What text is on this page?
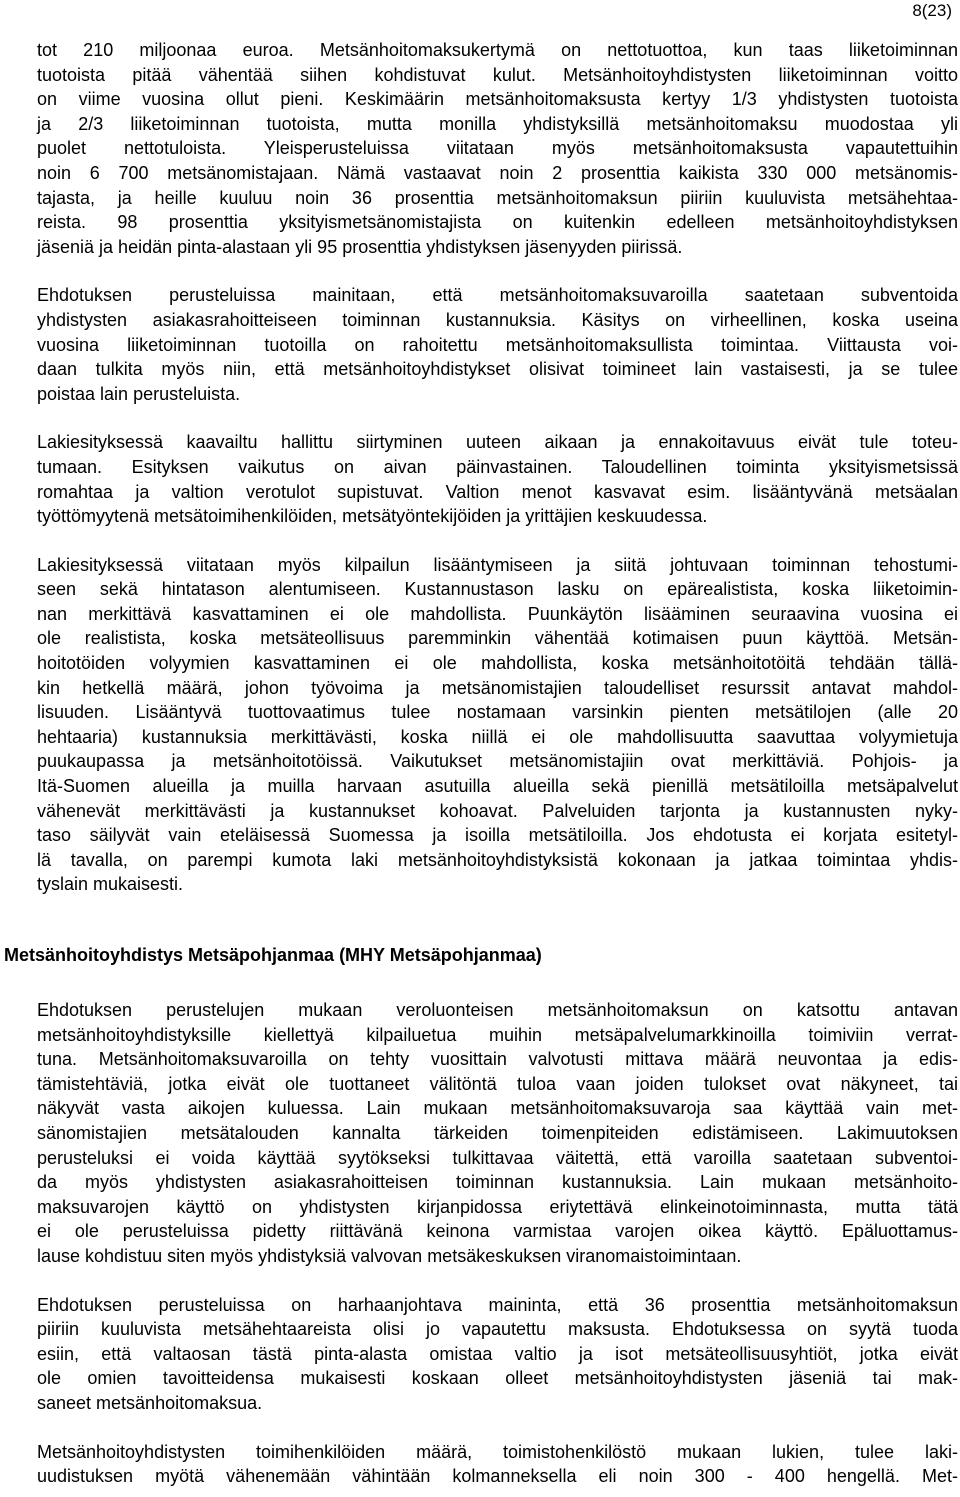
8(23)

tot 210 miljoonaa euroa. Metsänhoitomaksukertymä on nettotuottoa, kun taas liiketoiminnan
tuotoista pitää vähentää siihen kohdistuvat kulut. Metsänhoitoyhdistysten liiketoiminnan voitto
on viime vuosina ollut pieni. Keskimäärin metsänhoitomaksusta kertyy 1/3 yhdistysten tuotoista
ja 2/3 liiketoiminnan tuotoista, mutta monilla yhdistyksillä metsänhoitomaksu muodostaa yli
puolet nettotuloista. Yleisperusteluissa viitataan myös metsänhoitomaksusta vapautettuihin
noin 6 700 metsänomistajaan. Nämä vastaavat noin 2 prosenttia kaikista 330 000 metsänomis-
tajasta, ja heille kuuluu noin 36 prosenttia metsänhoitomaksun piiriin kuuluvista metsähehtaa-
reista. 98 prosenttia yksityismetsänomistajista on kuitenkin edelleen metsänhoitoyhdistyksen
jäseniä ja heidän pinta-alastaan yli 95 prosenttia yhdistyksen jäsenyyden piirissä.

Ehdotuksen perusteluissa mainitaan, että metsänhoitomaksuvaroilla saatetaan subventoida
yhdistysten asiakasrahoitteiseen toiminnan kustannuksia. Käsitys on virheellinen, koska useina
vuosina liiketoiminnan tuotoilla on rahoitettu metsänhoitomaksullista toimintaa. Viittausta voi-
daan tulkita myös niin, että metsänhoitoyhdistykset olisivat toimineet lain vastaisesti, ja se tulee
poistaa lain perusteluista.

Lakiesityksessä kaavailtu hallittu siirtyminen uuteen aikaan ja ennakoitavuus eivät tule toteu-
tumaan. Esityksen vaikutus on aivan päinvastainen. Taloudellinen toiminta yksityismetsissä
romahtaa ja valtion verotulot supistuvat. Valtion menot kasvavat esim. lisääntyvänä metsäalan
työttömyytenä metsätoimihenkilöiden, metsätyöntekijöiden ja yrittäjien keskuudessa.

Lakiesityksessä viitataan myös kilpailun lisääntymiseen ja siitä johtuvaan toiminnan tehostumi-
seen sekä hintatason alentumiseen. Kustannustason lasku on epärealistista, koska liiketoimin-
nan merkittävä kasvattaminen ei ole mahdollista. Puunkäytön lisääminen seuraavina vuosina ei
ole realistista, koska metsäteollisuus paremminkin vähentää kotimaisen puun käyttöä. Metsän-
hoitotöiden volyymien kasvattaminen ei ole mahdollista, koska metsänhoitotöitä tehdään tällä-
kin hetkellä määrä, johon työvoima ja metsänomistajien taloudelliset resurssit antavat mahdol-
lisuuden. Lisääntyvä tuottovaatimus tulee nostamaan varsinkin pienten metsätilojen (alle 20
hehtaaria) kustannuksia merkittävästi, koska niillä ei ole mahdollisuutta saavuttaa volyymietuja
puukaupassa ja metsänhoitotöissä. Vaikutukset metsänomistajiin ovat merkittäviä. Pohjois- ja
Itä-Suomen alueilla ja muilla harvaan asutuilla alueilla sekä pienillä metsätiloilla metsäpalvelut
vähenevät merkittävästi ja kustannukset kohoavat. Palveluiden tarjonta ja kustannusten nyky-
taso säilyvät vain eteläisessä Suomessa ja isoilla metsätiloilla. Jos ehdotusta ei korjata esitetyl-
lä tavalla, on parempi kumota laki metsänhoitoyhdistyksistä kokonaan ja jatkaa toimintaa yhdis-
tyslain mukaisesti.

Metsänhoitoyhdistys Metsäpohjanmaa (MHY Metsäpohjanmaa)

Ehdotuksen perustelujen mukaan veroluonteisen metsänhoitomaksun on katsottu antavan
metsänhoitoyhdistyksille kiellettyä kilpailuetua muihin metsäpalvelumarkkinoilla toimiviin verrat-
tuna. Metsänhoitomaksuvaroilla on tehty vuosittain valvotusti mittava määrä neuvontaa ja edis-
tämistehtäviä, jotka eivät ole tuottaneet välitöntä tuloa vaan joiden tulokset ovat näkyneet, tai
näkyvät vasta aikojen kuluessa. Lain mukaan metsänhoitomaksuvaroja saa käyttää vain met-
sänomistajien metsätalouden kannalta tärkeiden toimenpiteiden edistämiseen. Lakimuutoksen
perusteluksi ei voida käyttää syytökseksi tulkittavaa väitettä, että varoilla saatetaan subventoi-
da myös yhdistysten asiakasrahoitteisen toiminnan kustannuksia. Lain mukaan metsänhoito-
maksuvarojen käyttö on yhdistysten kirjanpidossa eriytettävä elinkeinotoiminnasta, mutta tätä
ei ole perusteluissa pidetty riittävänä keinona varmistaa varojen oikea käyttö. Epäluottamus-
lause kohdistuu siten myös yhdistyksiä valvovan metsäkeskuksen viranomaistoimintaan.

Ehdotuksen perusteluissa on harhaanjohtava maininta, että 36 prosenttia metsänhoitomaksun
piiriin kuuluvista metsähehtaareista olisi jo vapautettu maksusta. Ehdotuksessa on syytä tuoda
esiin, että valtaosan tästä pinta-alasta omistaa valtio ja isot metsäteollisuusyhtiöt, jotka eivät
ole omien tavoitteidensa mukaisesti koskaan olleet metsänhoitoyhdistysten jäseniä tai mak-
saneet metsänhoitomaksua.

Metsänhoitoyhdistysten toimihenkilöiden määrä, toimistohenkilöstö mukaan lukien, tulee laki-
uudistuksen myötä vähenemään vähintään kolmanneksella eli noin 300 - 400 hengellä. Met-
